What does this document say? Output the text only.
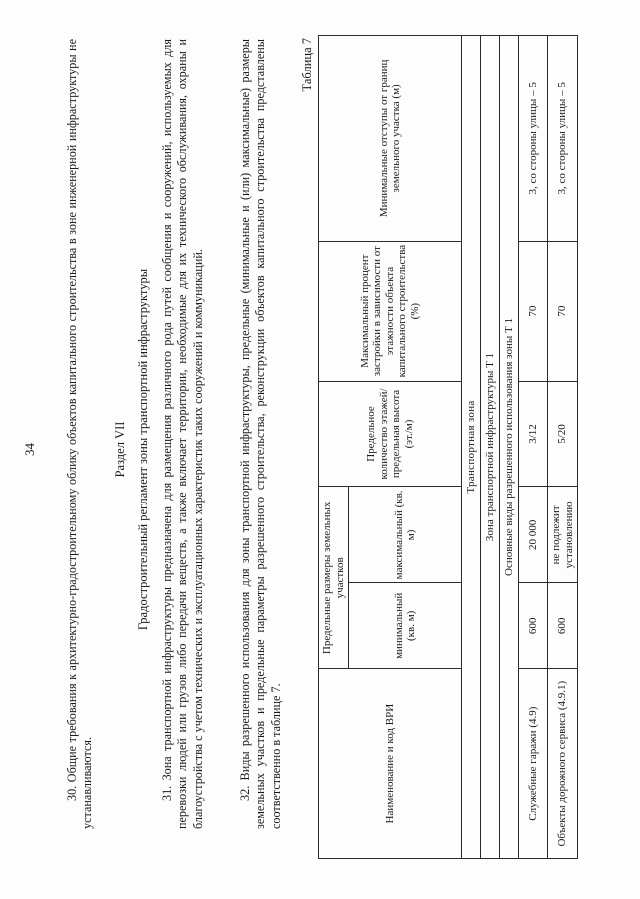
34 30. Общие требования к архитектурно-градостроительному облику объектов капитального строительства в зоне инженерной инфраструктуры не устанавливаются.
Раздел VII Градостроительный регламент зоны транспортной инфраструктуры 31. Зона транспортной инфраструктуры предназначена для размещения различного рода путей сообщения и сооружений, используемых для перевозки людей или грузов либо передачи веществ, а также включает территории, необходимые для их технического обслуживания, охраны и благоустройства с учетом технических и эксплуатационных характеристик таких сооружений и коммуникаций.	32. Виды разрешенного использования для зоны транспортной инфраструктуры, предельные (минимальные и (или) максимальные) размеры земельных участков и предельные параметры разрешенного строительства, реконструкции объектов капитального строительства представлены соответственно в таблице 7.
Таблица 7
Наименование и код ВРИ	Предельные размеры земельных участков		Предельное количество этажей/ предельная высота (эт./м)	Максимальный процент застройки в зависимости от этажности объекта капитального строительства (%)	Минимальные отступы от границ земельного участка (м)
	минимальный (кв. м)	максимальный (кв. м)			
Транспортная зона					
Зона транспортной инфраструктуры Т 1					
Основные виды разрешенного использования зоны Т 1					
Служебные гаражи (4.9)	600	20 000	3/12	70	3, со стороны улицы – 5
Объекты дорожного сервиса (4.9.1)	600	не подлежит установлению	5/20	70	3, со стороны улицы – 5
